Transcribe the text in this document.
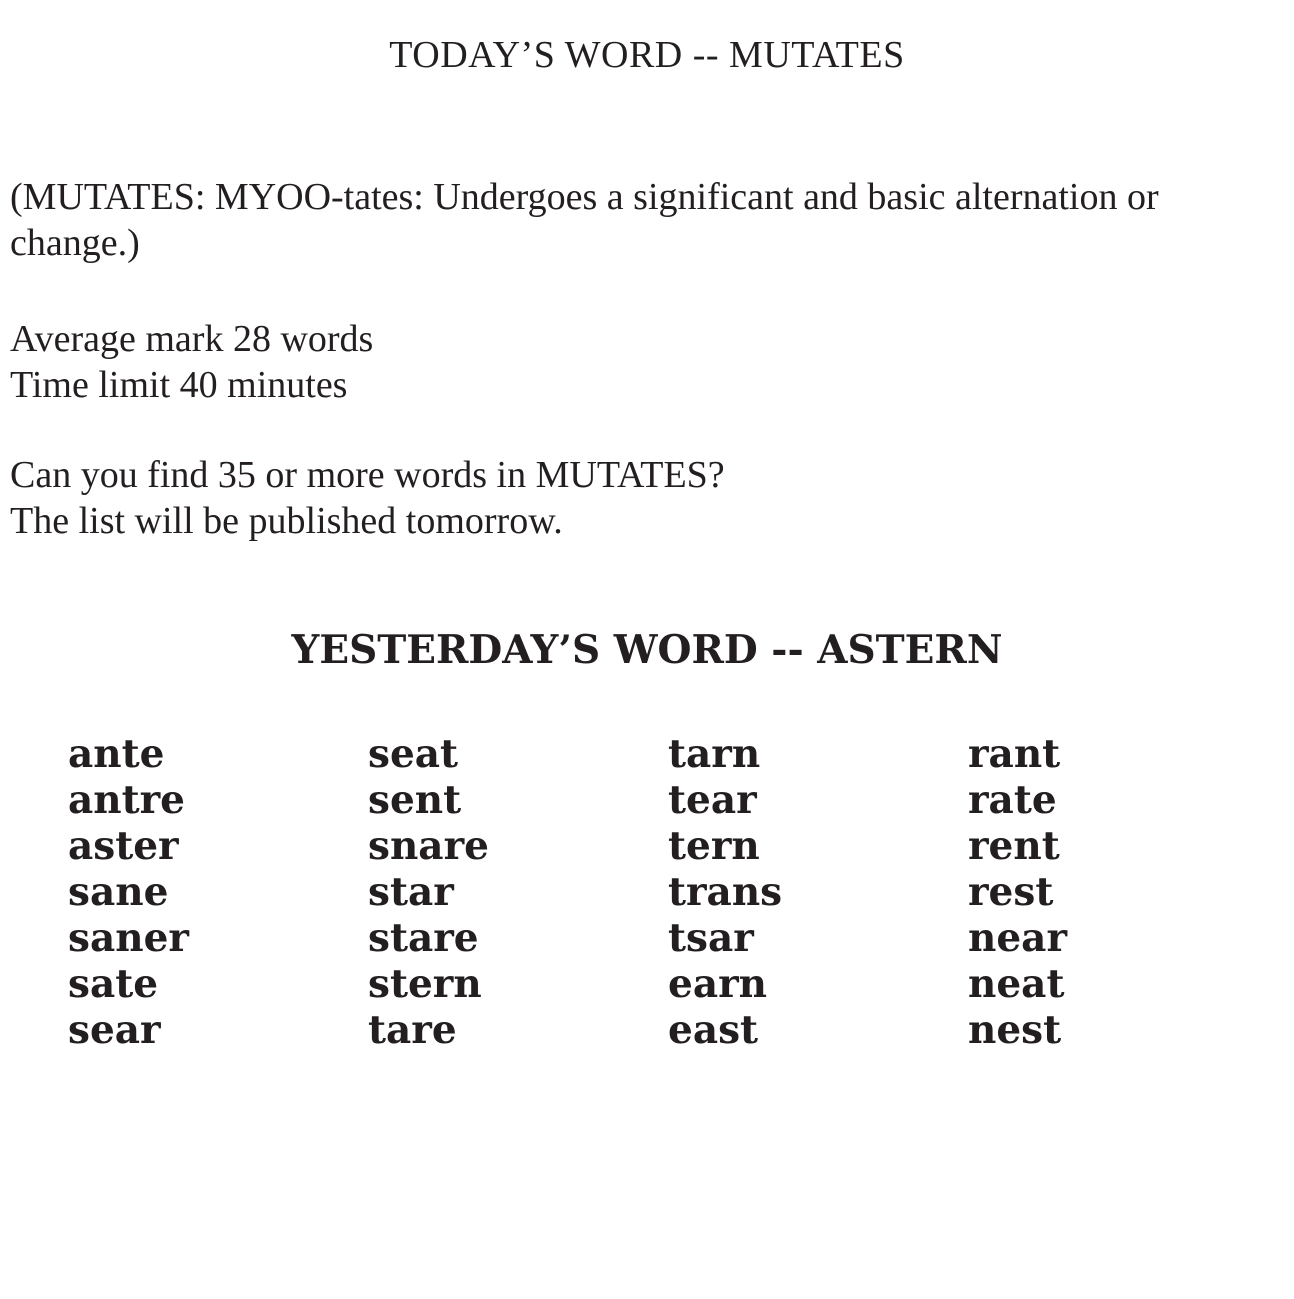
TODAY’S WORD -- MUTATES

(MUTATES: MYOO-tates: Undergoes a significant and basic alternation or change.)

Average mark 28 words

Time limit 40 minutes

Can you find 35 or more words in MUTATES?

The list will be published tomorrow.

YESTERDAY’S WORD -- ASTERN
ante
antre
aster
sane
saner
sate
sear
seat
sent
snare
star
stare
stern
tare
tarn
tear
tern
trans
tsar
earn
east
rant
rate
rent
rest
near
neat
nest
